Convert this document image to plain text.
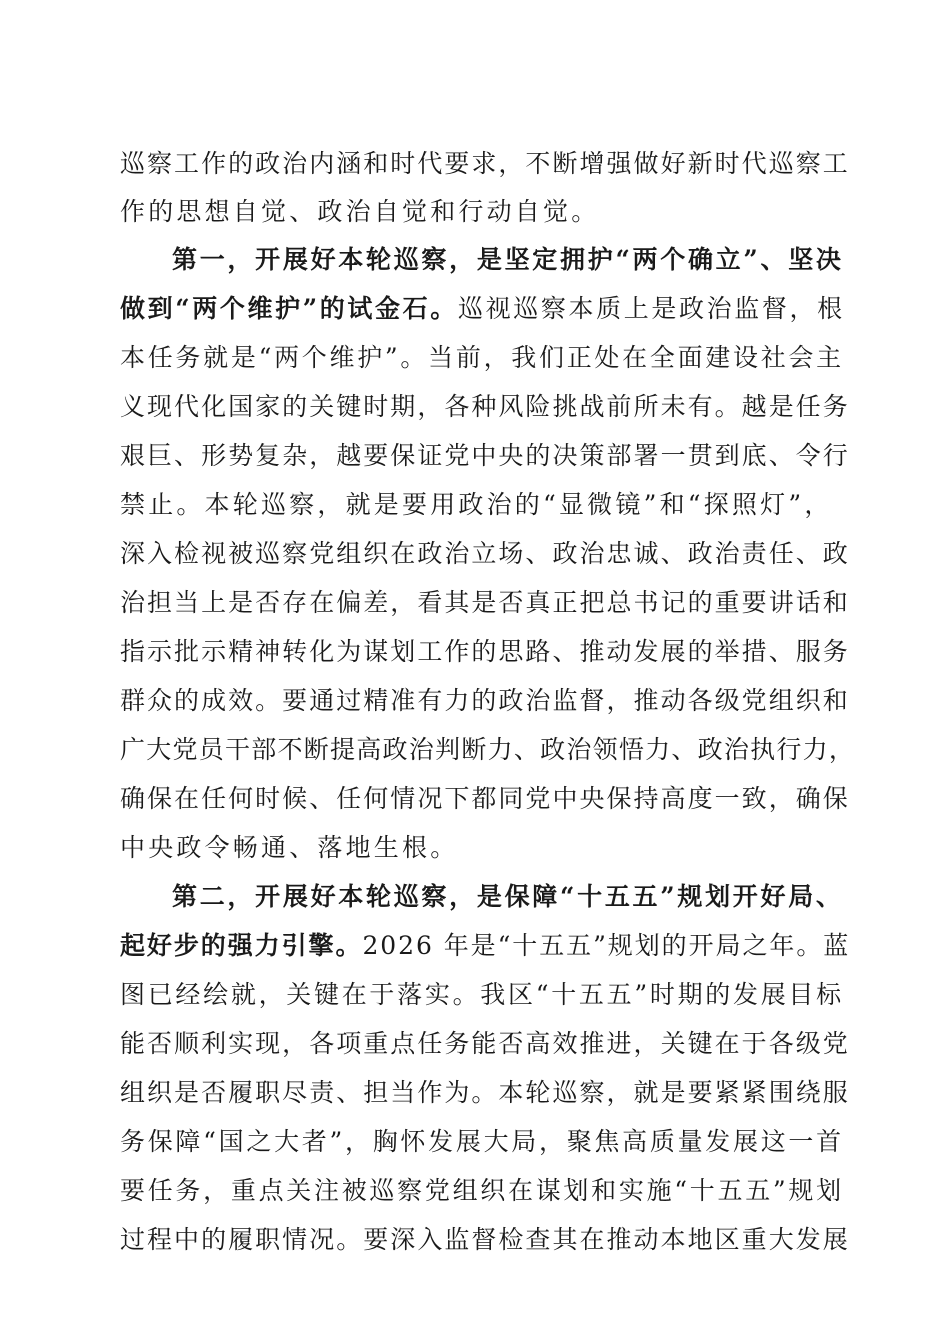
巡察工作的政治内涵和时代要求，不断增强做好新时代巡察工
作的思想自觉、政治自觉和行动自觉。
第一，开展好本轮巡察，是坚定拥护“两个确立”、坚决
做到“两个维护”的试金石。巡视巡察本质上是政治监督，根
本任务就是“两个维护”。当前，我们正处在全面建设社会主
义现代化国家的关键时期，各种风险挑战前所未有。越是任务
艰巨、形势复杂，越要保证党中央的决策部署一贯到底、令行
禁止。本轮巡察，就是要用政治的“显微镜”和“探照灯”，
深入检视被巡察党组织在政治立场、政治忠诚、政治责任、政
治担当上是否存在偏差，看其是否真正把总书记的重要讲话和
指示批示精神转化为谋划工作的思路、推动发展的举措、服务
群众的成效。要通过精准有力的政治监督，推动各级党组织和
广大党员干部不断提高政治判断力、政治领悟力、政治执行力，
确保在任何时候、任何情况下都同党中央保持高度一致，确保
中央政令畅通、落地生根。
第二，开展好本轮巡察，是保障“十五五”规划开好局、
起好步的强力引擎。2026 年是“十五五”规划的开局之年。蓝
图已经绘就，关键在于落实。我区“十五五”时期的发展目标
能否顺利实现，各项重点任务能否高效推进，关键在于各级党
组织是否履职尽责、担当作为。本轮巡察，就是要紧紧围绕服
务保障“国之大者”，胸怀发展大局，聚焦高质量发展这一首
要任务，重点关注被巡察党组织在谋划和实施“十五五”规划
过程中的履职情况。要深入监督检查其在推动本地区重大发展
